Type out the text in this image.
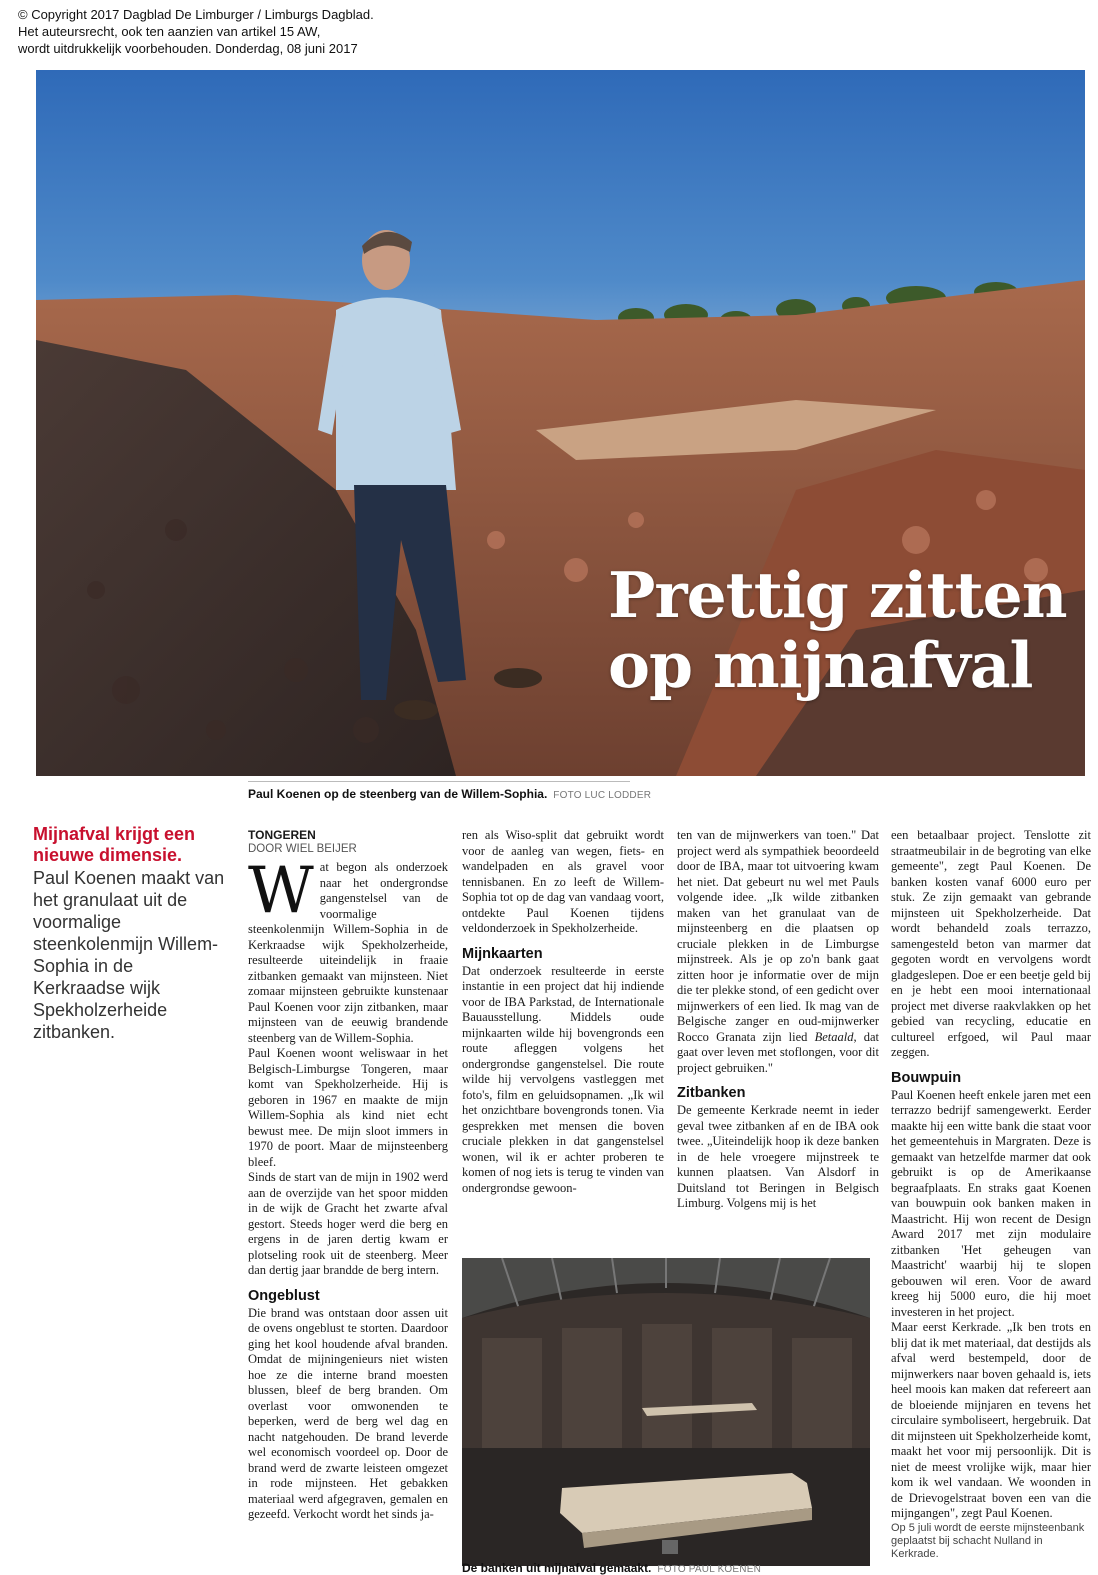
© Copyright 2017 Dagblad De Limburger / Limburgs Dagblad.
Het auteursrecht, ook ten aanzien van artikel 15 AW,
wordt uitdrukkelijk voorbehouden. Donderdag, 08 juni 2017
Prettig zitten
op mijnafval
Paul Koenen op de steenberg van de Willem-Sophia. FOTO LUC LODDER
Mijnafval krijgt een nieuwe dimensie.
Paul Koenen maakt van het granulaat uit de voormalige steenkolenmijn Willem-Sophia in de Kerkraadse wijk Spekholzerheide zitbanken.
TONGEREN
DOOR WIEL BEIJER
W at begon als onderzoek naar het ondergrondse gangenstelsel van de voormalige steenkolenmijn Willem-Sophia in de Kerkraadse wijk Spekholzerheide, resulteerde uiteindelijk in fraaie zitbanken gemaakt van mijnsteen. Niet zomaar mijnsteen gebruikte kunstenaar Paul Koenen voor zijn zitbanken, maar mijnsteen van de eeuwig brandende steenberg van de Willem-Sophia.

Paul Koenen woont weliswaar in het Belgisch-Limburgse Tongeren, maar komt van Spekholzerheide. Hij is geboren in 1967 en maakte de mijn Willem-Sophia als kind niet echt bewust mee. De mijn sloot immers in 1970 de poort. Maar de mijnsteenberg bleef.

Sinds de start van de mijn in 1902 werd aan de overzijde van het spoor midden in de wijk de Gracht het zwarte afval gestort. Steeds hoger werd die berg en ergens in de jaren dertig kwam er plotseling rook uit de steenberg. Meer dan dertig jaar brandde de berg intern.

Ongeblust

Die brand was ontstaan door assen uit de ovens ongeblust te storten. Daardoor ging het kool houdende afval branden. Omdat de mijningenieurs niet wisten hoe ze die interne brand moesten blussen, bleef de berg branden. Om overlast voor omwonenden te beperken, werd de berg wel dag en nacht natgehouden. De brand leverde wel economisch voordeel op. Door de brand werd de zwarte leisteen omgezet in rode mijnsteen. Het gebakken materiaal werd afgegraven, gemalen en gezeefd. Verkocht wordt het sinds ja-

ren als Wiso-split dat gebruikt wordt voor de aanleg van wegen, fiets- en wandelpaden en als gravel voor tennisbanen. En zo leeft de Willem-Sophia tot op de dag van vandaag voort, ontdekte Paul Koenen tijdens veldonderzoek in Spekholzerheide.

Mijnkaarten

Dat onderzoek resulteerde in eerste instantie in een project dat hij indiende voor de IBA Parkstad, de Internationale Bauausstellung. Middels oude mijnkaarten wilde hij bovengronds een route afleggen volgens het ondergrondse gangenstelsel. Die route wilde hij vervolgens vastleggen met foto's, film en geluidsopnamen. „Ik wil het onzichtbare bovengronds tonen. Via gesprekken met mensen die boven cruciale plekken in dat gangenstelsel wonen, wil ik er achter proberen te komen of nog iets is terug te vinden van ondergrondse gewoon-

ten van de mijnwerkers van toen." Dat project werd als sympathiek beoordeeld door de IBA, maar tot uitvoering kwam het niet. Dat gebeurt nu wel met Pauls volgende idee. „Ik wilde zitbanken maken van het granulaat van de mijnsteenberg en die plaatsen op cruciale plekken in de Limburgse mijnstreek. Als je op zo'n bank gaat zitten hoor je informatie over de mijn die ter plekke stond, of een gedicht over mijnwerkers of een lied. Ik mag van de Belgische zanger en oud-mijnwerker Rocco Granata zijn lied Betaald, dat gaat over leven met stoflongen, voor dit project gebruiken."

Zitbanken

De gemeente Kerkrade neemt in ieder geval twee zitbanken af en de IBA ook twee. „Uiteindelijk hoop ik deze banken in de hele vroegere mijnstreek te kunnen plaatsen. Van Alsdorf in Duitsland tot Beringen in Belgisch Limburg. Volgens mij is het

een betaalbaar project. Tenslotte zit straatmeubilair in de begroting van elke gemeente", zegt Paul Koenen. De banken kosten vanaf 6000 euro per stuk. Ze zijn gemaakt van gebrande mijnsteen uit Spekholzerheide. Dat wordt behandeld zoals terrazzo, samengesteld beton van marmer dat gegoten wordt en vervolgens wordt gladgeslepen. Doe er een beetje geld bij en je hebt een mooi internationaal project met diverse raakvlakken op het gebied van recycling, educatie en cultureel erfgoed, wil Paul maar zeggen.

Bouwpuin

Paul Koenen heeft enkele jaren met een terrazzo bedrijf samengewerkt. Eerder maakte hij een witte bank die staat voor het gemeentehuis in Margraten. Deze is gemaakt van hetzelfde marmer dat ook gebruikt is op de Amerikaanse begraafplaats. En straks gaat Koenen van bouwpuin ook banken maken in Maastricht. Hij won recent de Design Award 2017 met zijn modulaire zitbanken 'Het geheugen van Maastricht' waarbij hij te slopen gebouwen wil eren. Voor de award kreeg hij 5000 euro, die hij moet investeren in het project.

Maar eerst Kerkrade. „Ik ben trots en blij dat ik met materiaal, dat destijds als afval werd bestempeld, door de mijnwerkers naar boven gehaald is, iets heel moois kan maken dat refereert aan de bloeiende mijnjaren en tevens het circulaire symboliseert, hergebruik. Dat dit mijnsteen uit Spekholzerheide komt, maakt het voor mij persoonlijk. Dit is niet de meest vrolijke wijk, maar hier kom ik wel vandaan. We woonden in de Drievogelstraat boven een van die mijngangen", zegt Paul Koenen.

Op 5 juli wordt de eerste mijnsteenbank geplaatst bij schacht Nulland in Kerkrade.

De banken uit mijnafval gemaakt. FOTO PAUL KOENEN
